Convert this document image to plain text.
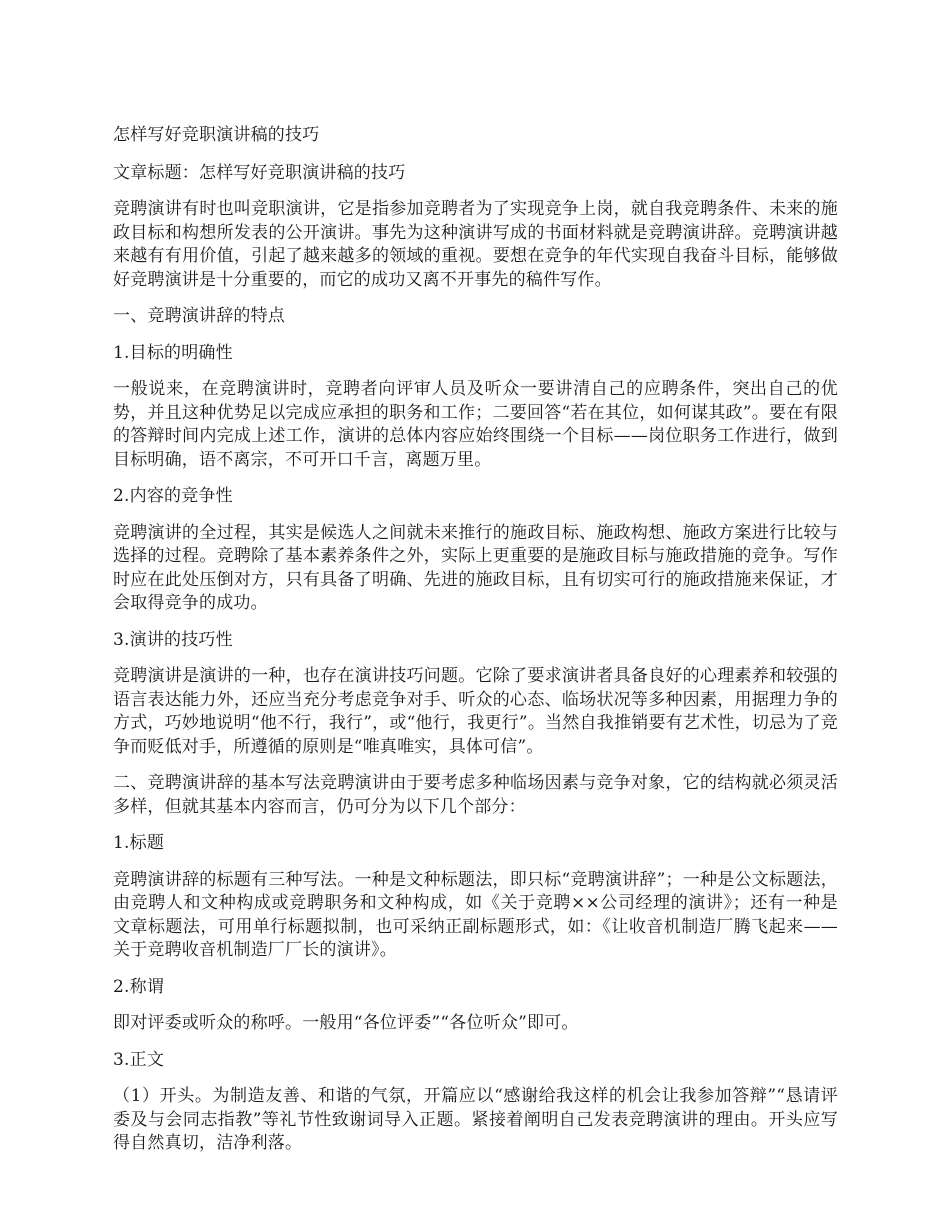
怎样写好竞职演讲稿的技巧

文章标题：怎样写好竞职演讲稿的技巧

竞聘演讲有时也叫竞职演讲，它是指参加竞聘者为了实现竞争上岗，就自我竞聘条件、未来的施政目标和构想所发表的公开演讲。事先为这种演讲写成的书面材料就是竞聘演讲辞。竞聘演讲越来越有有用价值，引起了越来越多的领域的重视。要想在竞争的年代实现自我奋斗目标，能够做好竞聘演讲是十分重要的，而它的成功又离不开事先的稿件写作。

一、竞聘演讲辞的特点

1.目标的明确性

一般说来，在竞聘演讲时，竞聘者向评审人员及听众一要讲清自己的应聘条件，突出自己的优势，并且这种优势足以完成应承担的职务和工作；二要回答“若在其位，如何谋其政”。要在有限的答辩时间内完成上述工作，演讲的总体内容应始终围绕一个目标——岗位职务工作进行，做到目标明确，语不离宗，不可开口千言，离题万里。

2.内容的竞争性

竞聘演讲的全过程，其实是候选人之间就未来推行的施政目标、施政构想、施政方案进行比较与选择的过程。竞聘除了基本素养条件之外，实际上更重要的是施政目标与施政措施的竞争。写作时应在此处压倒对方，只有具备了明确、先进的施政目标，且有切实可行的施政措施来保证，才会取得竞争的成功。

3.演讲的技巧性

竞聘演讲是演讲的一种，也存在演讲技巧问题。它除了要求演讲者具备良好的心理素养和较强的语言表达能力外，还应当充分考虑竞争对手、听众的心态、临场状况等多种因素，用据理力争的方式，巧妙地说明“他不行，我行”，或“他行，我更行”。当然自我推销要有艺术性，切忌为了竞争而贬低对手，所遵循的原则是“唯真唯实，具体可信”。

二、竞聘演讲辞的基本写法竞聘演讲由于要考虑多种临场因素与竞争对象，它的结构就必须灵活多样，但就其基本内容而言，仍可分为以下几个部分：

1.标题

竞聘演讲辞的标题有三种写法。一种是文种标题法，即只标“竞聘演讲辞”；一种是公文标题法，由竞聘人和文种构成或竞聘职务和文种构成，如《关于竞聘××公司经理的演讲》；还有一种是文章标题法，可用单行标题拟制，也可采纳正副标题形式，如：《让收音机制造厂腾飞起来——关于竞聘收音机制造厂厂长的演讲》。

2.称谓

即对评委或听众的称呼。一般用“各位评委”“各位听众”即可。

3.正文

（1）开头。为制造友善、和谐的气氛，开篇应以“感谢给我这样的机会让我参加答辩”“恳请评委及与会同志指教”等礼节性致谢词导入正题。紧接着阐明自己发表竞聘演讲的理由。开头应写得自然真切，洁净利落。
